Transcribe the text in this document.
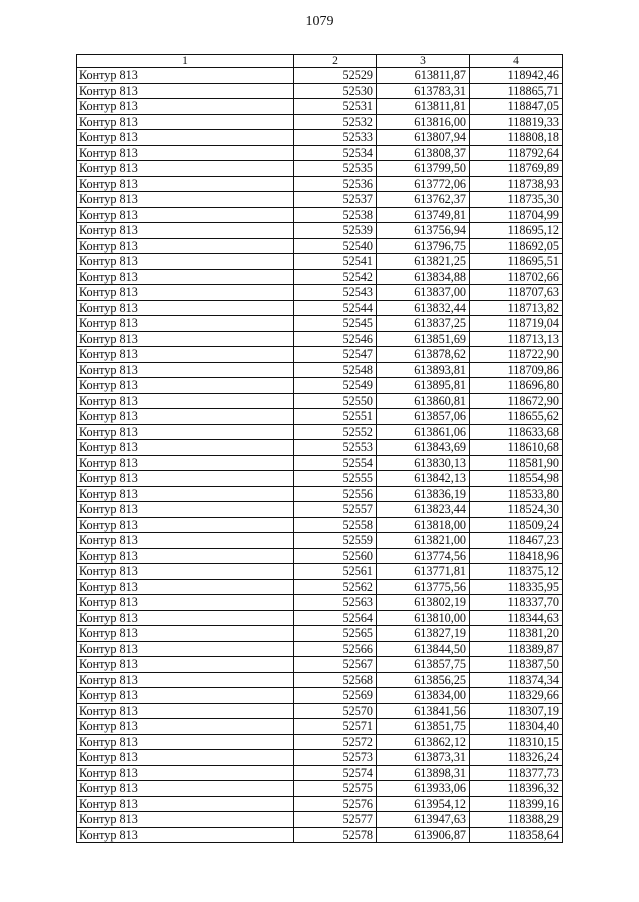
1079
1	2	3	4
Контур 813	52529	613811,87	118942,46
Контур 813	52530	613783,31	118865,71
Контур 813	52531	613811,81	118847,05
Контур 813	52532	613816,00	118819,33
Контур 813	52533	613807,94	118808,18
Контур 813	52534	613808,37	118792,64
Контур 813	52535	613799,50	118769,89
Контур 813	52536	613772,06	118738,93
Контур 813	52537	613762,37	118735,30
Контур 813	52538	613749,81	118704,99
Контур 813	52539	613756,94	118695,12
Контур 813	52540	613796,75	118692,05
Контур 813	52541	613821,25	118695,51
Контур 813	52542	613834,88	118702,66
Контур 813	52543	613837,00	118707,63
Контур 813	52544	613832,44	118713,82
Контур 813	52545	613837,25	118719,04
Контур 813	52546	613851,69	118713,13
Контур 813	52547	613878,62	118722,90
Контур 813	52548	613893,81	118709,86
Контур 813	52549	613895,81	118696,80
Контур 813	52550	613860,81	118672,90
Контур 813	52551	613857,06	118655,62
Контур 813	52552	613861,06	118633,68
Контур 813	52553	613843,69	118610,68
Контур 813	52554	613830,13	118581,90
Контур 813	52555	613842,13	118554,98
Контур 813	52556	613836,19	118533,80
Контур 813	52557	613823,44	118524,30
Контур 813	52558	613818,00	118509,24
Контур 813	52559	613821,00	118467,23
Контур 813	52560	613774,56	118418,96
Контур 813	52561	613771,81	118375,12
Контур 813	52562	613775,56	118335,95
Контур 813	52563	613802,19	118337,70
Контур 813	52564	613810,00	118344,63
Контур 813	52565	613827,19	118381,20
Контур 813	52566	613844,50	118389,87
Контур 813	52567	613857,75	118387,50
Контур 813	52568	613856,25	118374,34
Контур 813	52569	613834,00	118329,66
Контур 813	52570	613841,56	118307,19
Контур 813	52571	613851,75	118304,40
Контур 813	52572	613862,12	118310,15
Контур 813	52573	613873,31	118326,24
Контур 813	52574	613898,31	118377,73
Контур 813	52575	613933,06	118396,32
Контур 813	52576	613954,12	118399,16
Контур 813	52577	613947,63	118388,29
Контур 813	52578	613906,87	118358,64
